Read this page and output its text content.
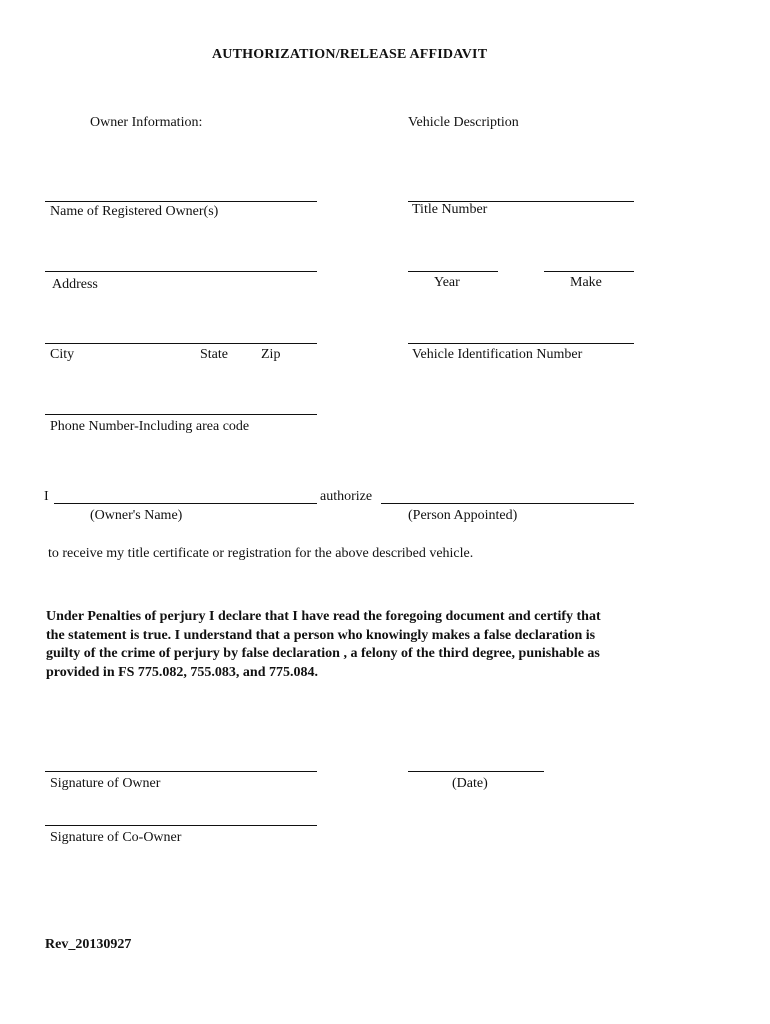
AUTHORIZATION/RELEASE AFFIDAVIT
Owner Information:	Vehicle Description
Name of Registered Owner(s)	Title Number
Address	Year	Make
City	State Zip	Vehicle Identification Number
Phone Number-Including area code
I	authorize
(Owner's Name)	(Person Appointed)
to receive my title certificate or registration for the above described vehicle.
Under Penalties of perjury I declare that I have read the foregoing document and certify that
the statement is true. I understand that a person who knowingly makes a false declaration is
guilty of the crime of perjury by false declaration , a felony of the third degree, punishable as
provided in FS 775.082, 755.083, and 775.084.
Signature of Owner	(Date)
Signature of Co-Owner
Rev_20130927
